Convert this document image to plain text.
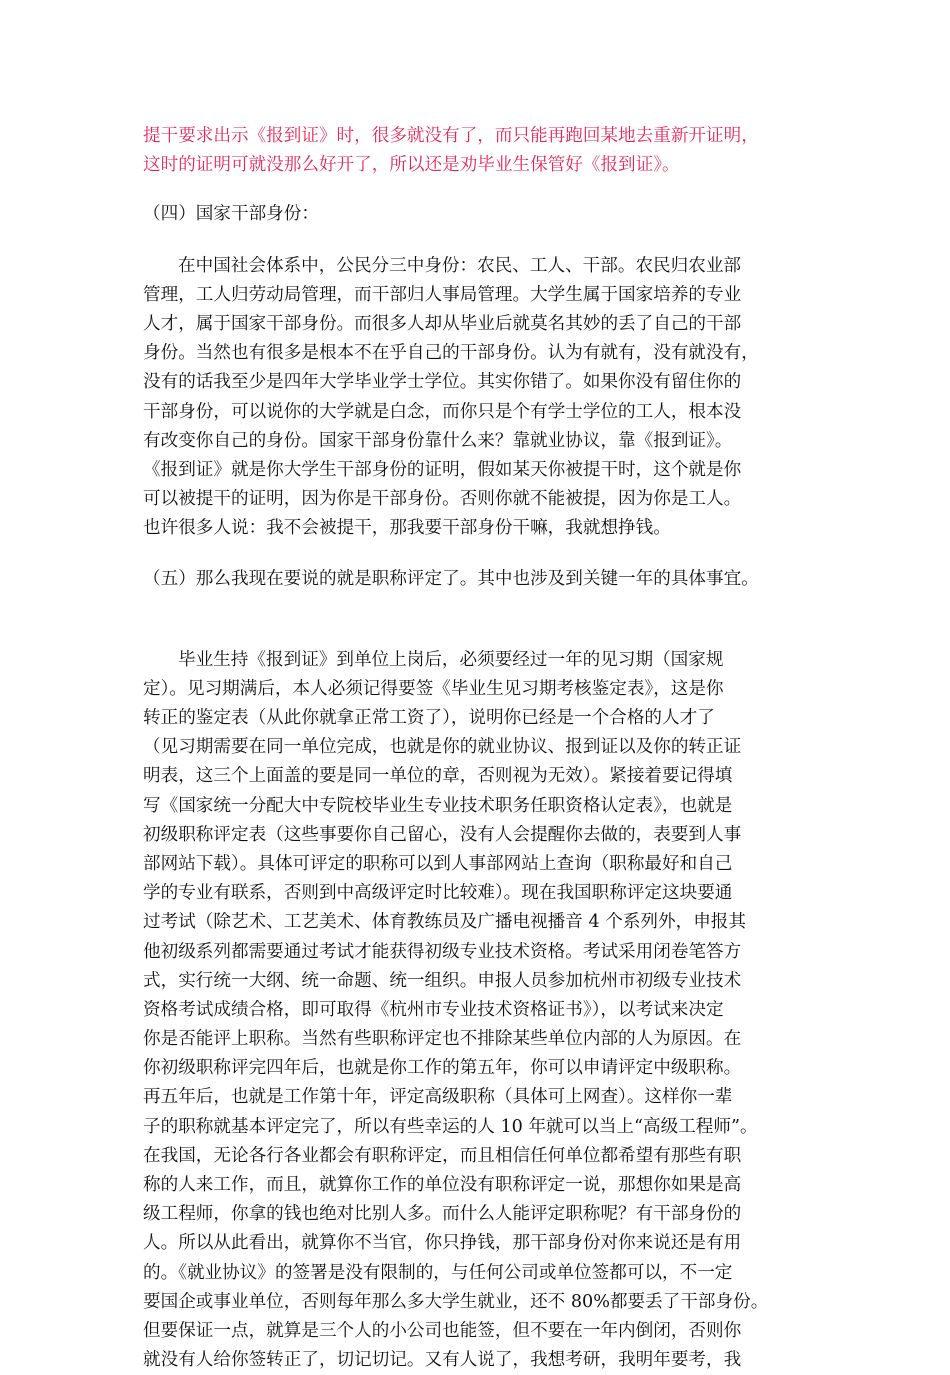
提干要求出示《报到证》时，很多就没有了，而只能再跑回某地去重新开证明，
这时的证明可就没那么好开了，所以还是劝毕业生保管好《报到证》。
（四）国家干部身份：
在中国社会体系中，公民分三中身份：农民、工人、干部。农民归农业部
管理，工人归劳动局管理，而干部归人事局管理。大学生属于国家培养的专业
人才，属于国家干部身份。而很多人却从毕业后就莫名其妙的丢了自己的干部
身份。当然也有很多是根本不在乎自己的干部身份。认为有就有，没有就没有，
没有的话我至少是四年大学毕业学士学位。其实你错了。如果你没有留住你的
干部身份，可以说你的大学就是白念，而你只是个有学士学位的工人，根本没
有改变你自己的身份。国家干部身份靠什么来？靠就业协议，靠《报到证》。
《报到证》就是你大学生干部身份的证明，假如某天你被提干时，这个就是你
可以被提干的证明，因为你是干部身份。否则你就不能被提，因为你是工人。
也许很多人说：我不会被提干，那我要干部身份干嘛，我就想挣钱。
（五）那么我现在要说的就是职称评定了。其中也涉及到关键一年的具体事宜。
毕业生持《报到证》到单位上岗后，必须要经过一年的见习期（国家规
定）。见习期满后，本人必须记得要签《毕业生见习期考核鉴定表》，这是你
转正的鉴定表（从此你就拿正常工资了），说明你已经是一个合格的人才了
（见习期需要在同一单位完成，也就是你的就业协议、报到证以及你的转正证
明表，这三个上面盖的要是同一单位的章，否则视为无效）。紧接着要记得填
写《国家统一分配大中专院校毕业生专业技术职务任职资格认定表》，也就是
初级职称评定表（这些事要你自己留心，没有人会提醒你去做的，表要到人事
部网站下载）。具体可评定的职称可以到人事部网站上查询（职称最好和自己
学的专业有联系，否则到中高级评定时比较难）。现在我国职称评定这块要通
过考试（除艺术、工艺美术、体育教练员及广播电视播音 4 个系列外，申报其
他初级系列都需要通过考试才能获得初级专业技术资格。考试采用闭卷笔答方
式，实行统一大纲、统一命题、统一组织。申报人员参加杭州市初级专业技术
资格考试成绩合格，即可取得《杭州市专业技术资格证书》），以考试来决定
你是否能评上职称。当然有些职称评定也不排除某些单位内部的人为原因。在
你初级职称评完四年后，也就是你工作的第五年，你可以申请评定中级职称。
再五年后，也就是工作第十年，评定高级职称（具体可上网查）。这样你一辈
子的职称就基本评定完了，所以有些幸运的人 10 年就可以当上“高级工程师”。
在我国，无论各行各业都会有职称评定，而且相信任何单位都希望有那些有职
称的人来工作，而且，就算你工作的单位没有职称评定一说，那想你如果是高
级工程师，你拿的钱也绝对比别人多。而什么人能评定职称呢？有干部身份的
人。所以从此看出，就算你不当官，你只挣钱，那干部身份对你来说还是有用
的。《就业协议》的签署是没有限制的，与任何公司或单位签都可以，不一定
要国企或事业单位，否则每年那么多大学生就业，还不 80%都要丢了干部身份。
但要保证一点，就算是三个人的小公司也能签，但不要在一年内倒闭，否则你
就没有人给你签转正了，切记切记。又有人说了，我想考研，我明年要考，我
